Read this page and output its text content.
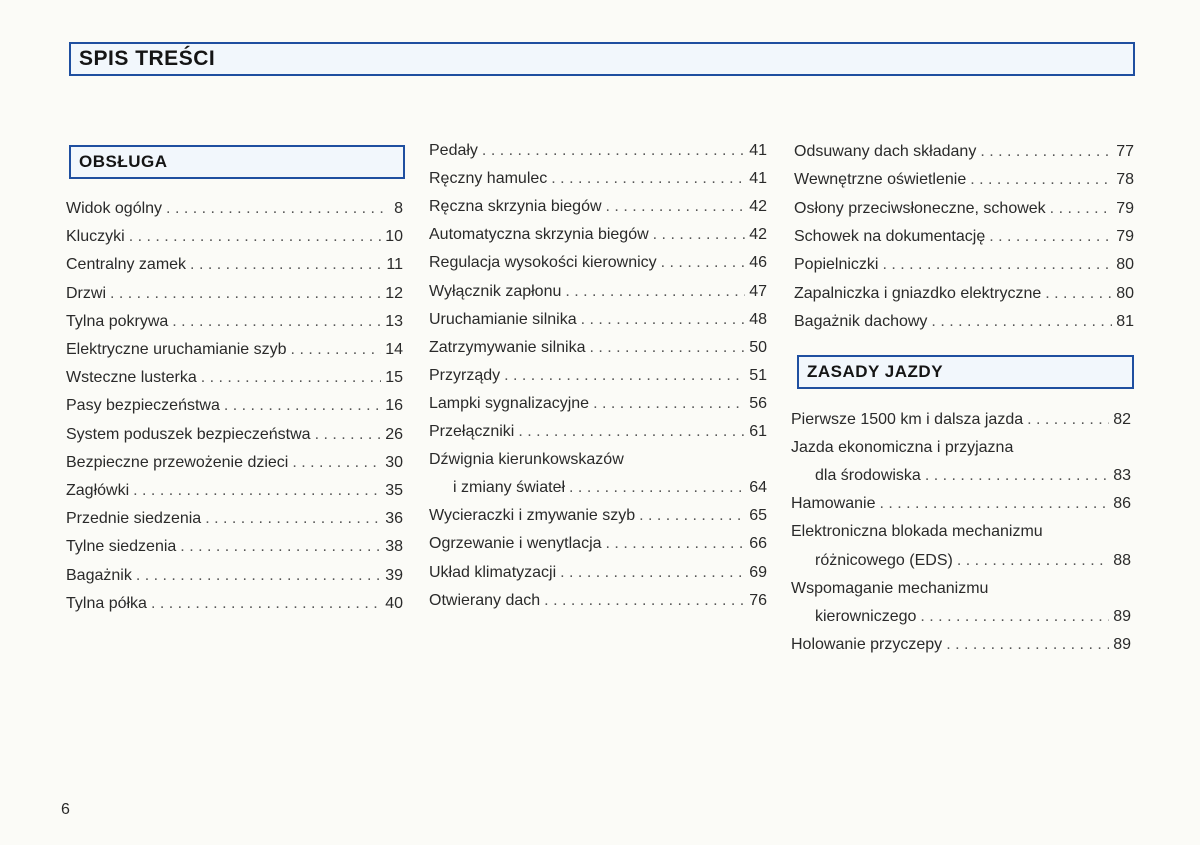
SPIS TREŚCI
OBSŁUGA
Widok ogólny . . .	8
Kluczyki . . .	10
Centralny zamek . . .	11
Drzwi . . .	12
Tylna pokrywa . . .	13
Elektryczne uruchamianie szyb . . .	14
Wsteczne lusterka . . .	15
Pasy bezpieczeństwa . . .	16
System poduszek bezpieczeństwa . . .	26
Bezpieczne przewożenie dzieci . . .	30
Zagłówki . . .	35
Przednie siedzenia . . .	36
Tylne siedzenia . . .	38
Bagażnik . . .	39
Tylna półka . . .	40
Pedały . . .	41
Ręczny hamulec . . .	41
Ręczna skrzynia biegów . . .	42
Automatyczna skrzynia biegów . . .	42
Regulacja wysokości kierownicy . . .	46
Wyłącznik zapłonu . . .	47
Uruchamianie silnika . . .	48
Zatrzymywanie silnika . . .	50
Przyrządy . . .	51
Lampki sygnalizacyjne . . .	56
Przełączniki . . .	61
Dźwignia kierunkowskazów
i zmiany świateł . . .	64
Wycieraczki i zmywanie szyb . . .	65
Ogrzewanie i wenytlacja . . .	66
Układ klimatyzacji . . .	69
Otwierany dach . . .	76
Odsuwany dach składany . . .	77
Wewnętrzne oświetlenie . . .	78
Osłony przeciwsłoneczne, schowek . . .	79
Schowek na dokumentację . . .	79
Popielniczki . . .	80
Zapalniczka i gniazdko elektryczne . . .	80
Bagażnik dachowy . . .	81
ZASADY JAZDY
Pierwsze 1500 km i dalsza jazda . . .	82
Jazda ekonomiczna i przyjazna
dla środowiska . . .	83
Hamowanie . . .	86
Elektroniczna blokada mechanizmu
różnicowego (EDS) . . .	88
Wspomaganie mechanizmu
kierowniczego . . .	89
Holowanie przyczepy . . .	89
6
